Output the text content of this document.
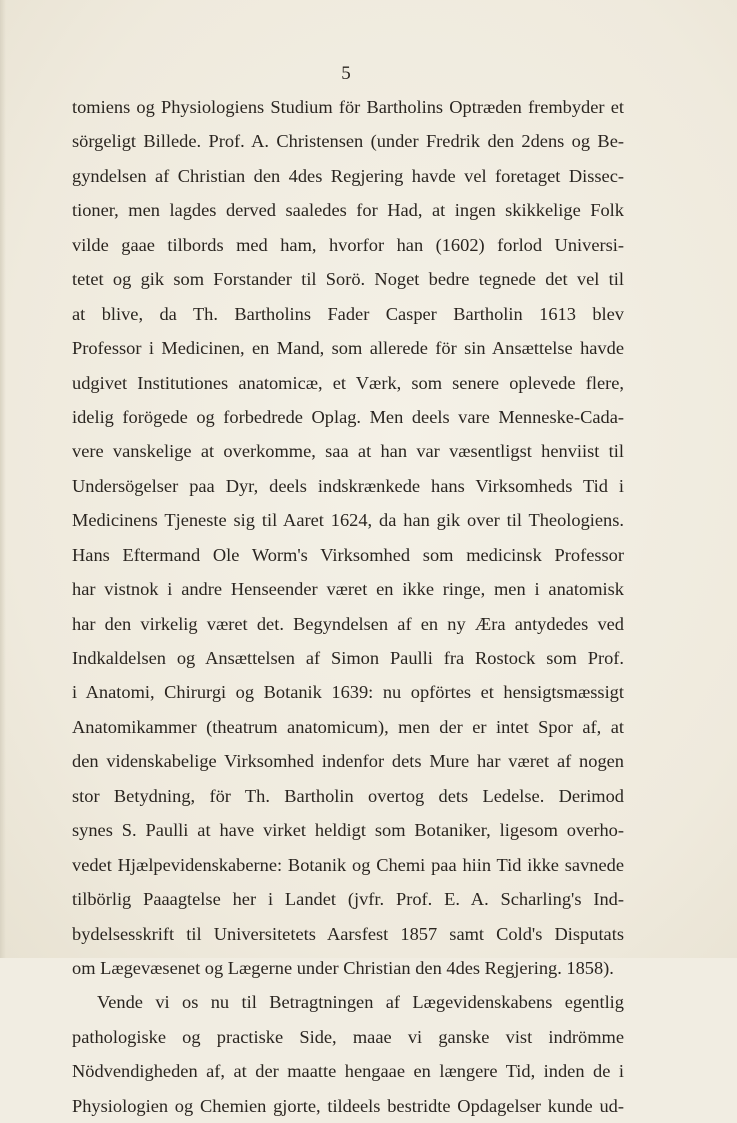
5
tomiens og Physiologiens Studium för Bartholins Optræden frembyder et
sörgeligt Billede. Prof. A. Christensen (under Fredrik den 2dens og Be-
gyndelsen af Christian den 4des Regjering havde vel foretaget Dissec-
tioner, men lagdes derved saaledes for Had, at ingen skikkelige Folk
vilde gaae tilbords med ham, hvorfor han (1602) forlod Universi-
tetet og gik som Forstander til Sorö. Noget bedre tegnede det vel til
at blive, da Th. Bartholins Fader Casper Bartholin 1613 blev
Professor i Medicinen, en Mand, som allerede för sin Ansættelse havde
udgivet Institutiones anatomicæ, et Værk, som senere oplevede flere,
idelig forögede og forbedrede Oplag. Men deels vare Menneske-Cada-
vere vanskelige at overkomme, saa at han var væsentligst henviist til
Undersögelser paa Dyr, deels indskrænkede hans Virksomheds Tid i
Medicinens Tjeneste sig til Aaret 1624, da han gik over til Theologiens.
Hans Eftermand Ole Worm's Virksomhed som medicinsk Professor
har vistnok i andre Henseender været en ikke ringe, men i anatomisk
har den virkelig været det. Begyndelsen af en ny Æra antydedes ved
Indkaldelsen og Ansættelsen af Simon Paulli fra Rostock som Prof.
i Anatomi, Chirurgi og Botanik 1639: nu opförtes et hensigtsmæssigt
Anatomikammer (theatrum anatomicum), men der er intet Spor af, at
den videnskabelige Virksomhed indenfor dets Mure har været af nogen
stor Betydning, för Th. Bartholin overtog dets Ledelse. Derimod
synes S. Paulli at have virket heldigt som Botaniker, ligesom overho-
vedet Hjælpevidenskaberne: Botanik og Chemi paa hiin Tid ikke savnede
tilbörlig Paaagtelse her i Landet (jvfr. Prof. E. A. Scharling's Ind-
bydelsesskrift til Universitetets Aarsfest 1857 samt Cold's Disputats
om Lægevæsenet og Lægerne under Christian den 4des Regjering. 1858).
Vende vi os nu til Betragtningen af Lægevidenskabens egentlig
pathologiske og practiske Side, maae vi ganske vist indrömme
Nödvendigheden af, at der maatte hengaae en længere Tid, inden de i
Physiologien og Chemien gjorte, tildeels bestridte Opdagelser kunde ud-
